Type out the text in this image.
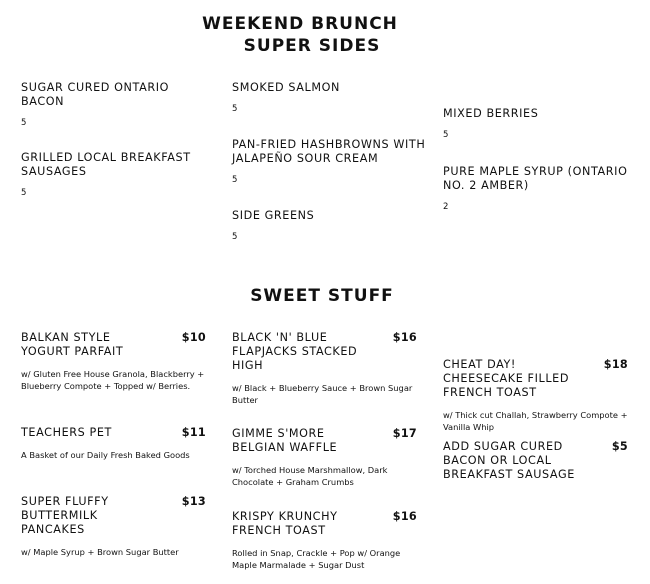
WEEKEND BRUNCH
SUPER SIDES
SUGAR CURED ONTARIO BACON
5
GRILLED LOCAL BREAKFAST SAUSAGES
5
SMOKED SALMON
5
PAN-FRIED HASHBROWNS WITH JALAPEÑO SOUR CREAM
5
SIDE GREENS
5
MIXED BERRIES
5
PURE MAPLE SYRUP (ONTARIO NO. 2 AMBER)
2
SWEET STUFF
BALKAN STYLE YOGURT PARFAIT
$10
w/ Gluten Free House Granola, Blackberry + Blueberry Compote + Topped w/ Berries.
TEACHERS PET	$11
A Basket of our Daily Fresh Baked Goods
SUPER FLUFFY BUTTERMILK PANCAKES
$13
w/ Maple Syrup + Brown Sugar Butter
BLACK 'N' BLUE FLAPJACKS STACKED HIGH
$16
w/ Black + Blueberry Sauce + Brown Sugar Butter
GIMME S'MORE BELGIAN WAFFLE
$17
w/ Torched House Marshmallow, Dark Chocolate + Graham Crumbs
KRISPY KRUNCHY FRENCH TOAST
$16
Rolled in Snap, Crackle + Pop w/ Orange Maple Marmalade + Sugar Dust
CHEAT DAY! CHEESECAKE FILLED FRENCH TOAST
$18
w/ Thick cut Challah, Strawberry Compote + Vanilla Whip
ADD SUGAR CURED BACON OR LOCAL BREAKFAST SAUSAGE
$5
